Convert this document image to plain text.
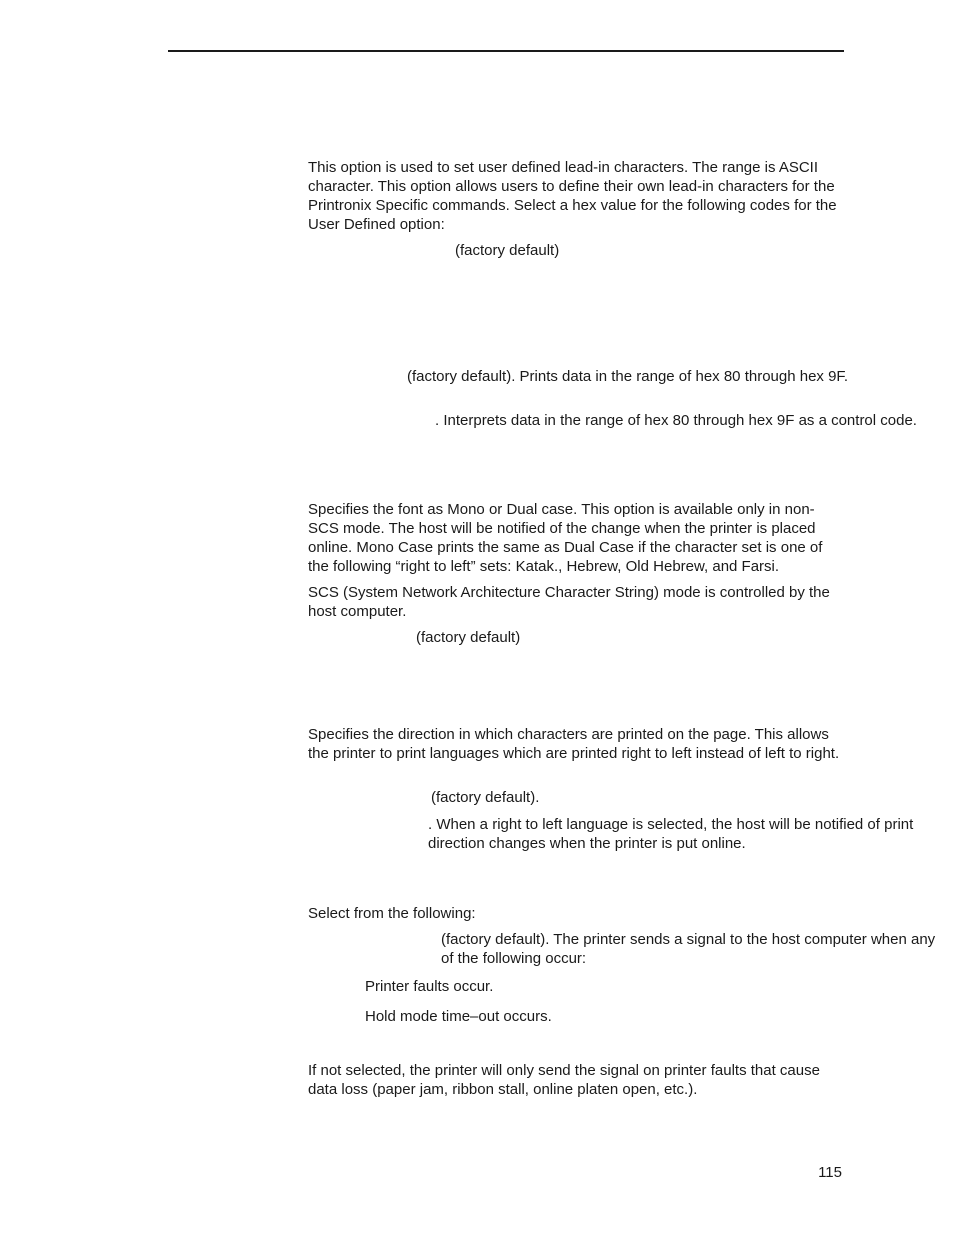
This option is used to set user defined lead-in characters. The range is ASCII character. This option allows users to define their own lead-in characters for the Printronix Specific commands. Select a hex value for the following codes for the User Defined option:

(factory default)

(factory default). Prints data in the range of hex 80 through hex 9F.

. Interprets data in the range of hex 80 through hex 9F as a control code.

Specifies the font as Mono or Dual case. This option is available only in non-SCS mode. The host will be notified of the change when the printer is placed online. Mono Case prints the same as Dual Case if the character set is one of the following “right to left” sets: Katak., Hebrew, Old Hebrew, and Farsi.

SCS (System Network Architecture Character String) mode is controlled by the host computer.

(factory default)

Specifies the direction in which characters are printed on the page. This allows the printer to print languages which are printed right to left instead of left to right.

(factory default).

. When a right to left language is selected, the host will be notified of print direction changes when the printer is put online.

Select from the following:

(factory default). The printer sends a signal to the host computer when any of the following occur:

Printer faults occur.

Hold mode time–out occurs.

If not selected, the printer will only send the signal on printer faults that cause data loss (paper jam, ribbon stall, online platen open, etc.).

115
